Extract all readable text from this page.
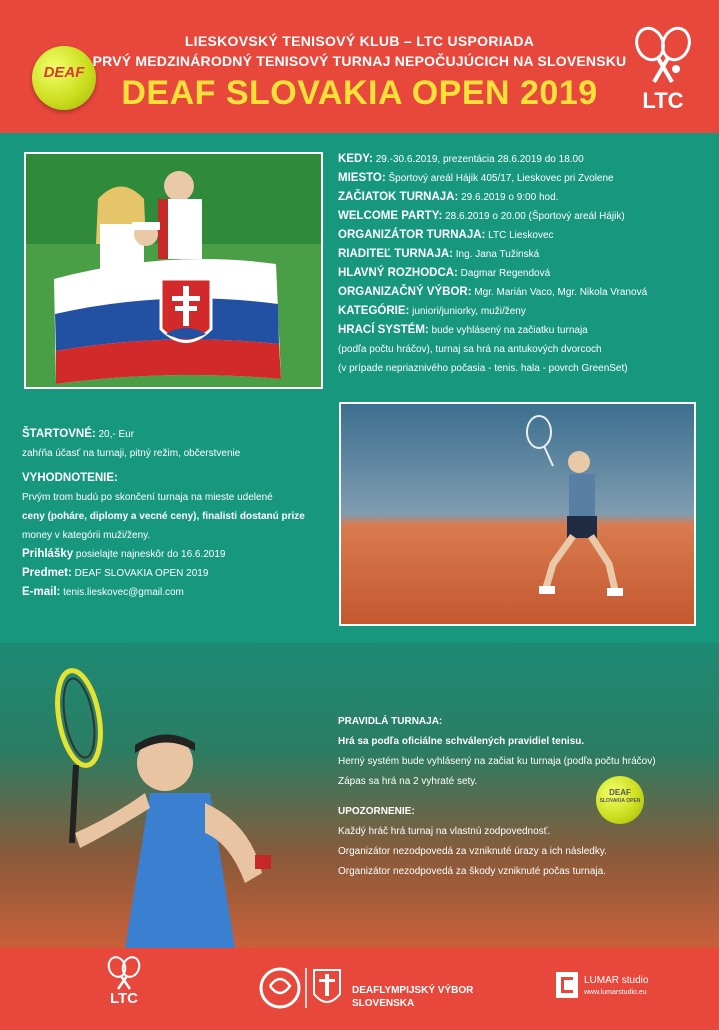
DEAF
LIESKOVSKÝ TENISOVÝ KLUB – LTC USPORIADA
PRVÝ MEDZINÁRODNÝ TENISOVÝ TURNAJ NEPOČUJÚCICH NA SLOVENSKU
DEAF SLOVAKIA OPEN 2019	LTC
KEDY: 29.-30.6.2019, prezentácia 28.6.2019 do 18.00
MIESTO: Športový areál Hájik 405/17, Lieskovec pri Zvolene
ZAČIATOK TURNAJA: 29.6.2019 o 9:00 hod.
WELCOME PARTY: 28.6.2019 o 20.00 (Športový areál Hájik)
ORGANIZÁTOR TURNAJA: LTC Lieskovec
RIADITEĽ TURNAJA: Ing. Jana Tužinská
HLAVNÝ ROZHODCA: Dagmar Regendová
ORGANIZAČNÝ VÝBOR: Mgr. Marián Vaco, Mgr. Nikola Vranová
KATEGÓRIE: juniori/juniorky, muži/ženy
HRACÍ SYSTÉM: bude vyhlásený na začiatku turnaja
(podľa počtu hráčov), turnaj sa hrá na antukových dvorcoch
(v prípade nepriaznivého počasia - tenis. hala - povrch GreenSet)
ŠTARTOVNÉ: 20,- Eur
zahŕňa účasť na turnaji, pitný režim, občerstvenie
VYHODNOTENIE:
Prvým trom budú po skončení turnaja na mieste udelené
ceny (poháre, diplomy a vecné ceny), finalisti dostanú prize
money v kategórii muži/ženy.
Prihlášky posielajte najneskôr do 16.6.2019
Predmet: DEAF SLOVAKIA OPEN 2019
E-mail: tenis.lieskovec@gmail.com
PRAVIDLÁ TURNAJA:
Hrá sa podľa oficiálne schválených pravidiel tenisu.
Herný systém bude vyhlásený na začiat ku turnaja (podľa počtu hráčov)
Zápas sa hrá na 2 vyhraté sety.
UPOZORNENIE:
Každý hráč hrá turnaj na vlastnú zodpovednosť.
Organizátor nezodpovedá za vzniknuté úrazy a ich následky.
Organizátor nezodpovedá za škody vzniknuté počas turnaja.
DEAF
SLOVAKIA OPEN
LTC	DEAFLYMPIJSKÝ VÝBOR
SLOVENSKA
LUMAR studio
www.lumarstudio.eu
